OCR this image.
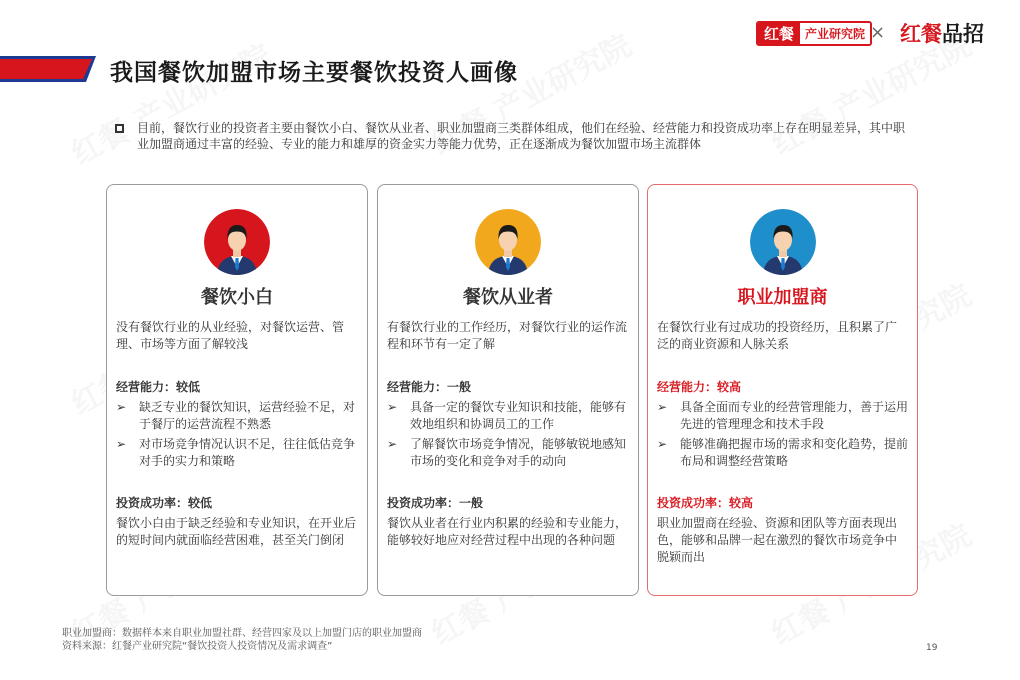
我国餐饮加盟市场主要餐饮投资人画像
红餐 产业研究院 × 红餐品招

目前，餐饮行业的投资者主要由餐饮小白、餐饮从业者、职业加盟商三类群体组成，他们在经验、经营能力和投资成功率上存在明显差异，其中职业加盟商通过丰富的经验、专业的能力和雄厚的资金实力等能力优势，正在逐渐成为餐饮加盟市场主流群体

餐饮小白

没有餐饮行业的从业经验，对餐饮运营、管理、市场等方面了解较浅

经营能力：较低

➢	缺乏专业的餐饮知识，运营经验不足，对于餐厅的运营流程不熟悉
➢	对市场竞争情况认识不足，往往低估竞争对手的实力和策略

投资成功率：较低

餐饮小白由于缺乏经验和专业知识，在开业后的短时间内就面临经营困难，甚至关门倒闭

餐饮从业者

有餐饮行业的工作经历，对餐饮行业的运作流程和环节有一定了解

经营能力：一般

➢	具备一定的餐饮专业知识和技能，能够有效地组织和协调员工的工作
➢	了解餐饮市场竞争情况，能够敏锐地感知市场的变化和竞争对手的动向

投资成功率：一般

餐饮从业者在行业内积累的经验和专业能力，能够较好地应对经营过程中出现的各种问题

职业加盟商

在餐饮行业有过成功的投资经历，且积累了广泛的商业资源和人脉关系

经营能力：较高

➢	具备全面而专业的经营管理能力，善于运用先进的管理理念和技术手段
➢	能够准确把握市场的需求和变化趋势，提前布局和调整经营策略

投资成功率：较高

职业加盟商在经验、资源和团队等方面表现出色，能够和品牌一起在激烈的餐饮市场竞争中脱颖而出

职业加盟商：数据样本来自职业加盟社群、经营四家及以上加盟门店的职业加盟商

资料来源：红餐产业研究院“餐饮投资人投资情况及需求调查”	19
